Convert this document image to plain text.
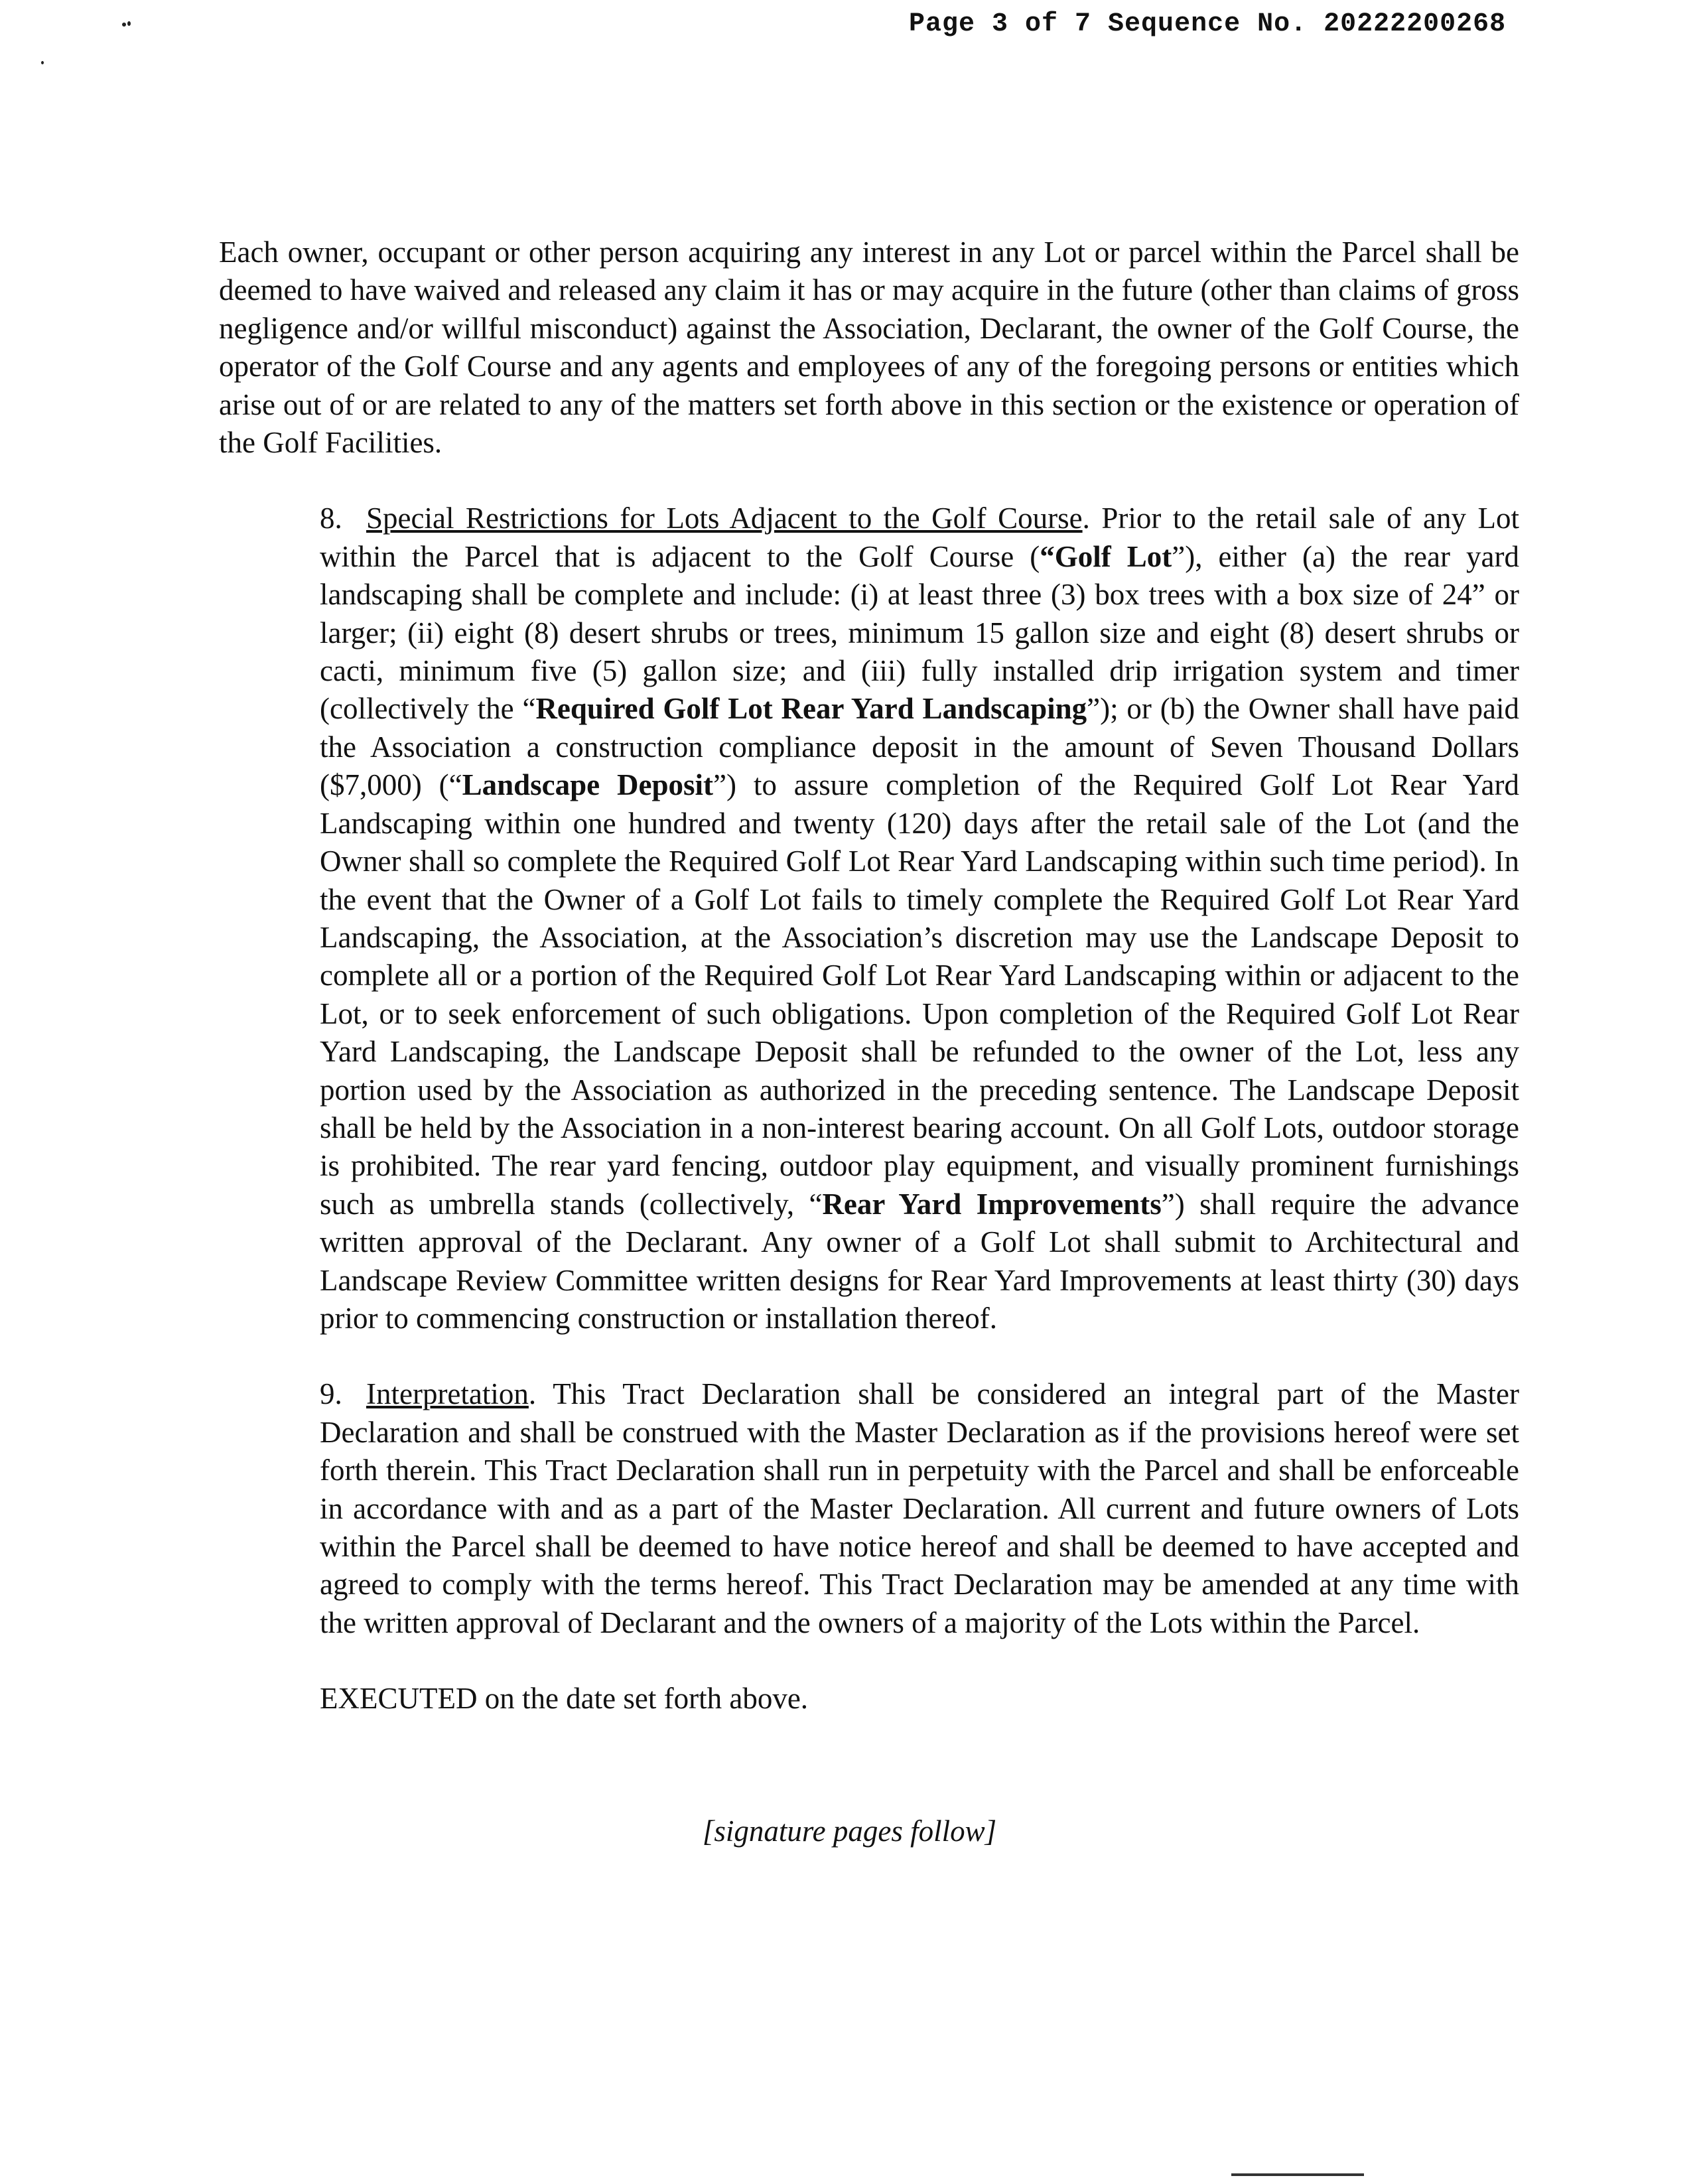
Page 3 of 7 Sequence No. 20222200268

Each owner, occupant or other person acquiring any interest in any Lot or parcel within the Parcel shall be deemed to have waived and released any claim it has or may acquire in the future (other than claims of gross negligence and/or willful misconduct) against the Association, Declarant, the owner of the Golf Course, the operator of the Golf Course and any agents and employees of any of the foregoing persons or entities which arise out of or are related to any of the matters set forth above in this section or the existence or operation of the Golf Facilities.

8. Special Restrictions for Lots Adjacent to the Golf Course. Prior to the retail sale of any Lot within the Parcel that is adjacent to the Golf Course (“Golf Lot”), either (a) the rear yard landscaping shall be complete and include: (i) at least three (3) box trees with a box size of 24” or larger; (ii) eight (8) desert shrubs or trees, minimum 15 gallon size and eight (8) desert shrubs or cacti, minimum five (5) gallon size; and (iii) fully installed drip irrigation system and timer (collectively the “Required Golf Lot Rear Yard Landscaping”); or (b) the Owner shall have paid the Association a construction compliance deposit in the amount of Seven Thousand Dollars ($7,000) (“Landscape Deposit”) to assure completion of the Required Golf Lot Rear Yard Landscaping within one hundred and twenty (120) days after the retail sale of the Lot (and the Owner shall so complete the Required Golf Lot Rear Yard Landscaping within such time period). In the event that the Owner of a Golf Lot fails to timely complete the Required Golf Lot Rear Yard Landscaping, the Association, at the Association’s discretion may use the Landscape Deposit to complete all or a portion of the Required Golf Lot Rear Yard Landscaping within or adjacent to the Lot, or to seek enforcement of such obligations. Upon completion of the Required Golf Lot Rear Yard Landscaping, the Landscape Deposit shall be refunded to the owner of the Lot, less any portion used by the Association as authorized in the preceding sentence. The Landscape Deposit shall be held by the Association in a non-interest bearing account. On all Golf Lots, outdoor storage is prohibited. The rear yard fencing, outdoor play equipment, and visually prominent furnishings such as umbrella stands (collectively, “Rear Yard Improvements”) shall require the advance written approval of the Declarant. Any owner of a Golf Lot shall submit to Architectural and Landscape Review Committee written designs for Rear Yard Improvements at least thirty (30) days prior to commencing construction or installation thereof.

9. Interpretation. This Tract Declaration shall be considered an integral part of the Master Declaration and shall be construed with the Master Declaration as if the provisions hereof were set forth therein. This Tract Declaration shall run in perpetuity with the Parcel and shall be enforceable in accordance with and as a part of the Master Declaration. All current and future owners of Lots within the Parcel shall be deemed to have notice hereof and shall be deemed to have accepted and agreed to comply with the terms hereof. This Tract Declaration may be amended at any time with the written approval of Declarant and the owners of a majority of the Lots within the Parcel.

EXECUTED on the date set forth above.

[signature pages follow]
